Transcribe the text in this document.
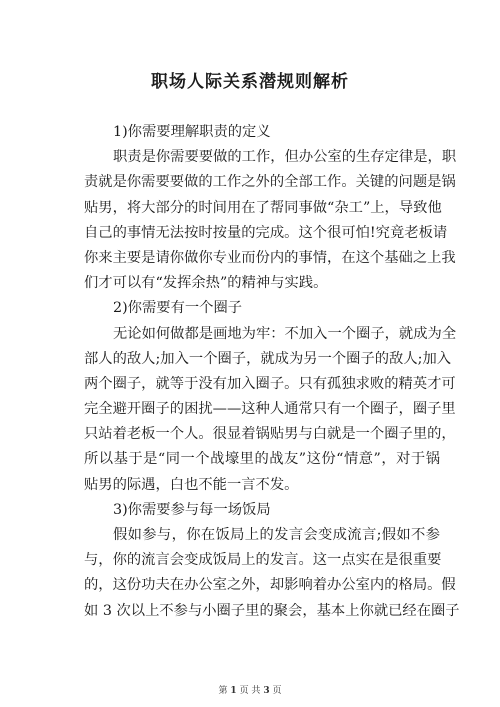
职场人际关系潜规则解析
1)你需要理解职责的定义
职责是你需要要做的工作，但办公室的生存定律是，职
责就是你需要要做的工作之外的全部工作。关键的问题是锅
贴男，将大部分的时间用在了帮同事做“杂工”上，导致他
自己的事情无法按时按量的完成。这个很可怕!究竟老板请
你来主要是请你做你专业而份内的事情，在这个基础之上我
们才可以有“发挥余热”的精神与实践。
2)你需要有一个圈子
无论如何做都是画地为牢：不加入一个圈子，就成为全
部人的敌人;加入一个圈子，就成为另一个圈子的敌人;加入
两个圈子，就等于没有加入圈子。只有孤独求败的精英才可
完全避开圈子的困扰——这种人通常只有一个圈子，圈子里
只站着老板一个人。很显着锅贴男与白就是一个圈子里的，
所以基于是“同一个战壕里的战友”这份“情意”，对于锅
贴男的际遇，白也不能一言不发。
3)你需要参与每一场饭局
假如参与，你在饭局上的发言会变成流言;假如不参
与，你的流言会变成饭局上的发言。这一点实在是很重要
的，这份功夫在办公室之外，却影响着办公室内的格局。假
如 3 次以上不参与小圈子里的聚会，基本上你就已经在圈子
第 1 页 共 3 页
